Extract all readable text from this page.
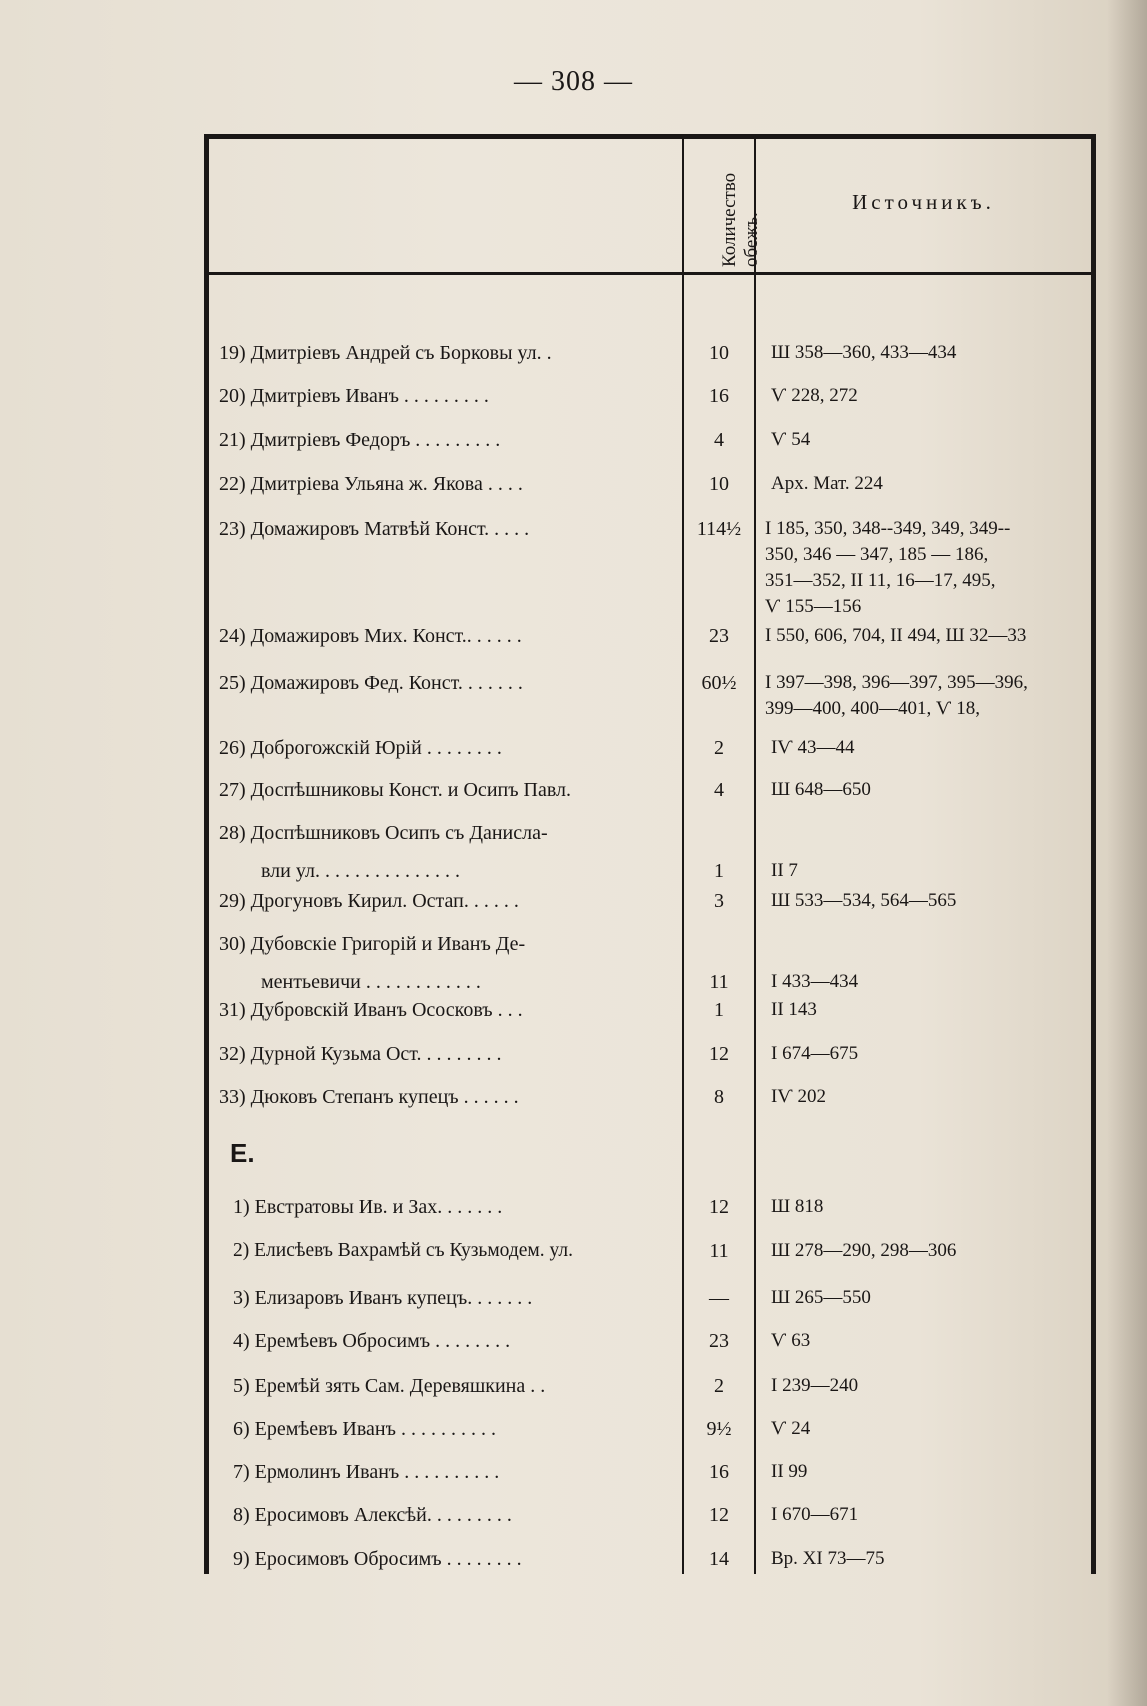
— 308 —
Количество обежъ.
Источникъ.
Е.
19) Дмитріевъ Андрей съ Борковы ул. .	10	Ш 358—360, 433—434
20) Дмитріевъ Иванъ . . . . . . . . .	16	Ѵ 228, 272
21) Дмитріевъ Федоръ . . . . . . . . .	4	Ѵ 54
22) Дмитріева Ульяна ж. Якова . . . .	10	Арх. Мат. 224
23) Домажировъ Матвѣй Конст. . . . .	114½	I 185, 350, 348--349, 349, 349--
350, 346 — 347, 185 — 186,
351—352, II 11, 16—17, 495,
Ѵ 155—156
24) Домажировъ Мих. Конст.. . . . . .	23	I 550, 606, 704, II 494, Ш 32—33
25) Домажировъ Фед. Конст. . . . . . .	60½	I 397—398, 396—397, 395—396,
399—400, 400—401, Ѵ 18,
26) Доброгожскій Юрій . . . . . . . .	2	IѴ 43—44
27) Доспѣшниковы Конст. и Осипъ Павл.	4	Ш 648—650
28) Доспѣшниковъ Осипъ съ Данисла-
вли ул. . . . . . . . . . . . . . .	1	II 7
29) Дрогуновъ Кирил. Остап. . . . . .	3	Ш 533—534, 564—565
30) Дубовскіе Григорій и Иванъ Де-
ментьевичи . . . . . . . . . . . .	11	I 433—434
31) Дубровскій Иванъ Ососковъ . . .	1	II 143
32) Дурной Кузьма Ост. . . . . . . . .	12	I 674—675
33) Дюковъ Степанъ купецъ . . . . . .	8	IѴ 202
1) Евстратовы Ив. и Зах. . . . . . .	12	Ш 818
2) Елисѣевъ Вахрамѣй съ Кузьмодем. ул.	11	Ш 278—290, 298—306
3) Елизаровъ Иванъ купецъ. . . . . . .	—	Ш 265—550
4) Еремѣевъ Обросимъ . . . . . . . .	23	Ѵ 63
5) Еремѣй зять Сам. Деревяшкина . .	2	I 239—240
6) Еремѣевъ Иванъ . . . . . . . . . .	9½	Ѵ 24
7) Ермолинъ Иванъ . . . . . . . . . .	16	II 99
8) Еросимовъ Алексѣй. . . . . . . . .	12	I 670—671
9) Еросимовъ Обросимъ . . . . . . . .	14	Вр. XI 73—75
